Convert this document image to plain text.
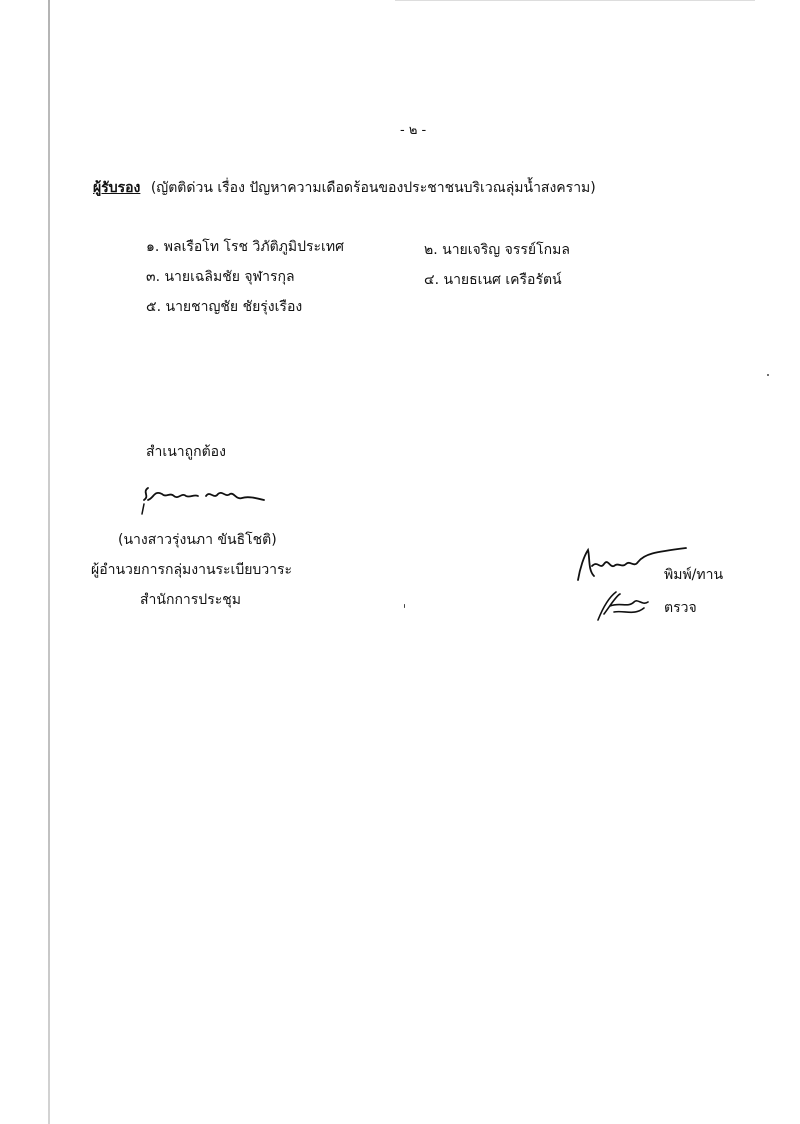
- ๒ -
ผู้รับรอง (ญัตติด่วน เรื่อง ปัญหาความเดือดร้อนของประชาชนบริเวณลุ่มน้ำสงคราม)
๑. พลเรือโท โรช วิภัติภูมิประเทศ	๒. นายเจริญ จรรย์โกมล
๓. นายเฉลิมชัย จุฬารกุล	๔. นายธเนศ เครือรัตน์
๕. นายชาญชัย ชัยรุ่งเรือง
สำเนาถูกต้อง
(นางสาวรุ่งนภา ขันธิโชติ)
ผู้อำนวยการกลุ่มงานระเบียบวาระ
สำนักการประชุม
พิมพ์/ทาน
ตรวจ
